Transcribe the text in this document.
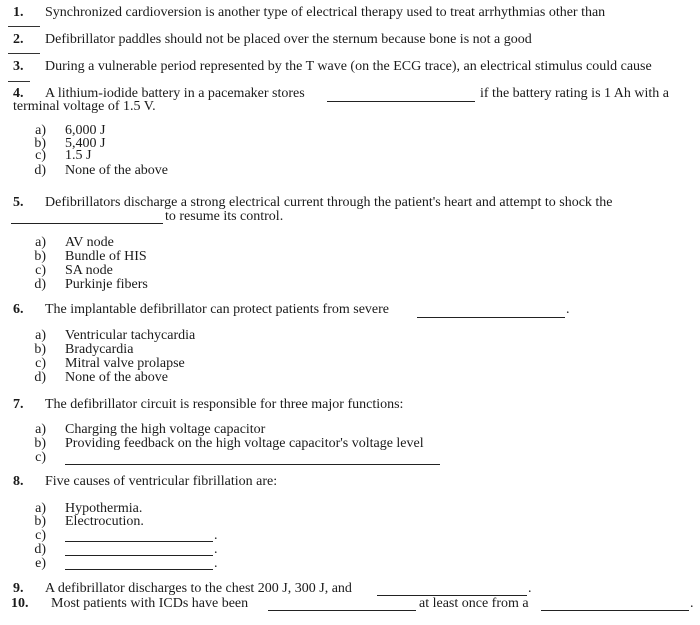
1. Synchronized cardioversion is another type of electrical therapy used to treat arrhythmias other than
2. Defibrillator paddles should not be placed over the sternum because bone is not a good
3. During a vulnerable period represented by the T wave (on the ECG trace), an electrical stimulus could cause
4. A lithium-iodide battery in a pacemaker stores	if the battery rating is 1 Ah with a
terminal voltage of 1.5 V.
a) 6,000 J
b) 5,400 J
c) 1.5 J
d) None of the above
5. Defibrillators discharge a strong electrical current through the patient's heart and attempt to shock the
to resume its control.
a) AV node
b) Bundle of HIS
c) SA node
d) Purkinje fibers
6. The implantable defibrillator can protect patients from severe	.
a) Ventricular tachycardia
b) Bradycardia
c) Mitral valve prolapse
d) None of the above
7. The defibrillator circuit is responsible for three major functions:
a) Charging the high voltage capacitor
b) Providing feedback on the high voltage capacitor's voltage level
c)
8. Five causes of ventricular fibrillation are:
a) Hypothermia.
b) Electrocution.
c)	.
d)	.
e)	.
9. A defibrillator discharges to the chest 200 J, 300 J, and	.
10. Most patients with ICDs have been	at least once from a	.
